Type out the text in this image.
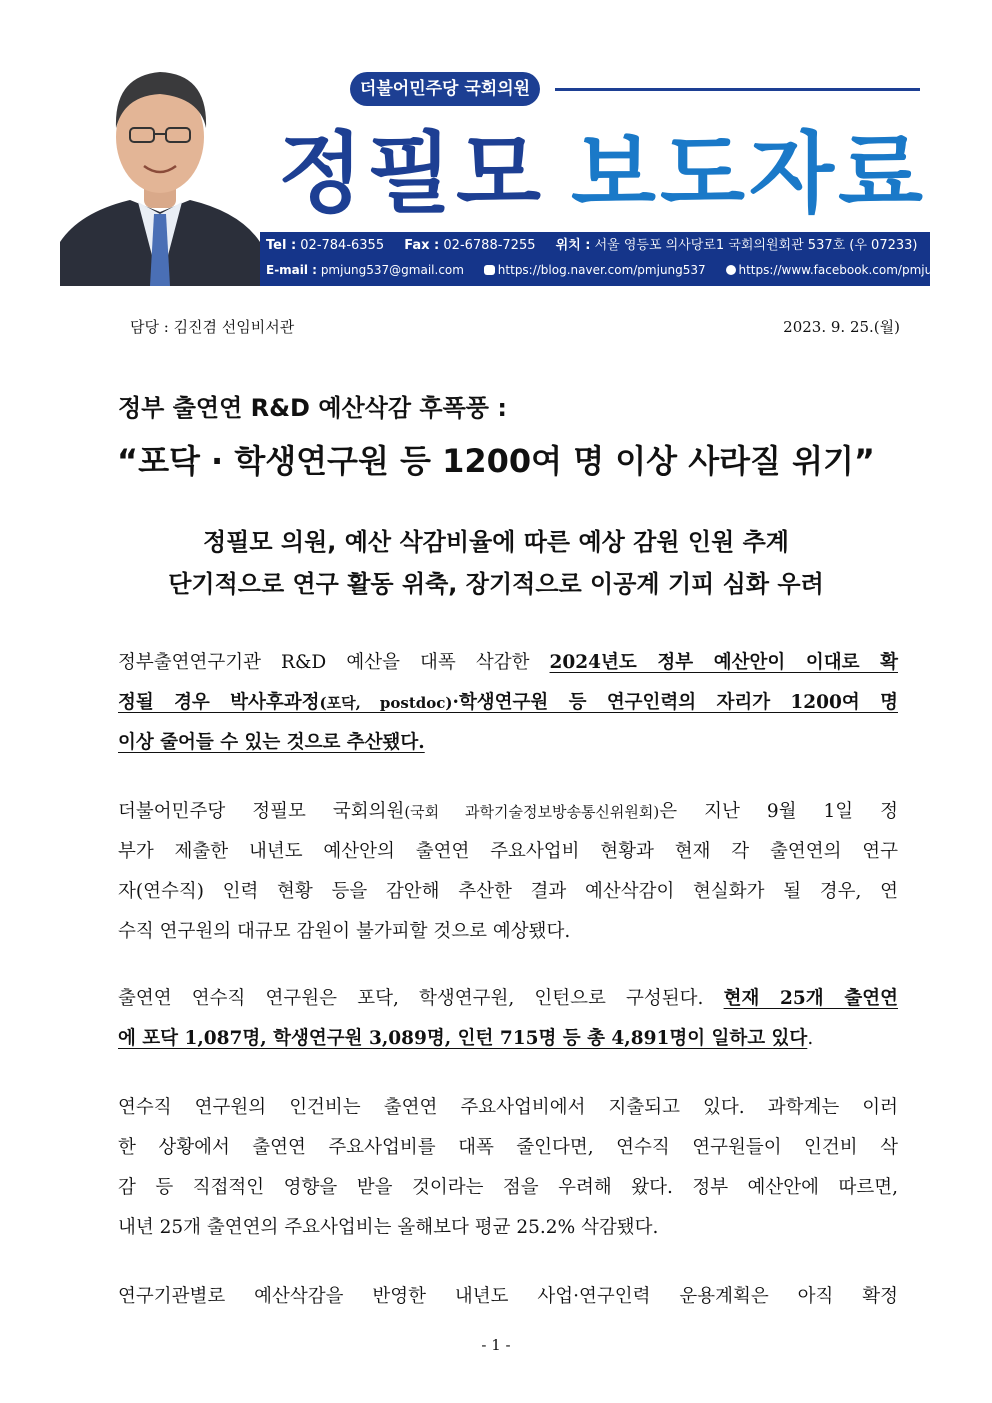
더불어민주당 국회의원
정필모 보도자료
Tel : 02-784-6355 Fax : 02-6788-7255 위치 : 서울 영등포 의사당로1 국회의원회관 537호 (우 07233)
E-mail : pmjung537@gmail.com	https://blog.naver.com/pmjung537	https://www.facebook.com/pmjung537
담당 : 김진겸 선임비서관	2023. 9. 25.(월)
정부 출연연 R&D 예산삭감 후폭풍 :
“포닥 · 학생연구원 등 1200여 명 이상 사라질 위기”
정필모 의원, 예산 삭감비율에 따른 예상 감원 인원 추계
단기적으로 연구 활동 위축, 장기적으로 이공계 기피 심화 우려
정부출연연구기관 R&D 예산을 대폭 삭감한 2024년도 정부 예산안이 이대로 확
정될 경우 박사후과정(포닥, postdoc)·학생연구원 등 연구인력의 자리가 1200여 명
이상 줄어들 수 있는 것으로 추산됐다.
더불어민주당 정필모 국회의원(국회 과학기술정보방송통신위원회)은 지난 9월 1일 정
부가 제출한 내년도 예산안의 출연연 주요사업비 현황과 현재 각 출연연의 연구
자(연수직) 인력 현황 등을 감안해 추산한 결과 예산삭감이 현실화가 될 경우, 연
수직 연구원의 대규모 감원이 불가피할 것으로 예상됐다.
출연연 연수직 연구원은 포닥, 학생연구원, 인턴으로 구성된다. 현재 25개 출연연
에 포닥 1,087명, 학생연구원 3,089명, 인턴 715명 등 총 4,891명이 일하고 있다.
연수직 연구원의 인건비는 출연연 주요사업비에서 지출되고 있다. 과학계는 이러
한 상황에서 출연연 주요사업비를 대폭 줄인다면, 연수직 연구원들이 인건비 삭
감 등 직접적인 영향을 받을 것이라는 점을 우려해 왔다. 정부 예산안에 따르면,
내년 25개 출연연의 주요사업비는 올해보다 평균 25.2% 삭감됐다.
연구기관별로 예산삭감을 반영한 내년도 사업·연구인력 운용계획은 아직 확정
- 1 -
